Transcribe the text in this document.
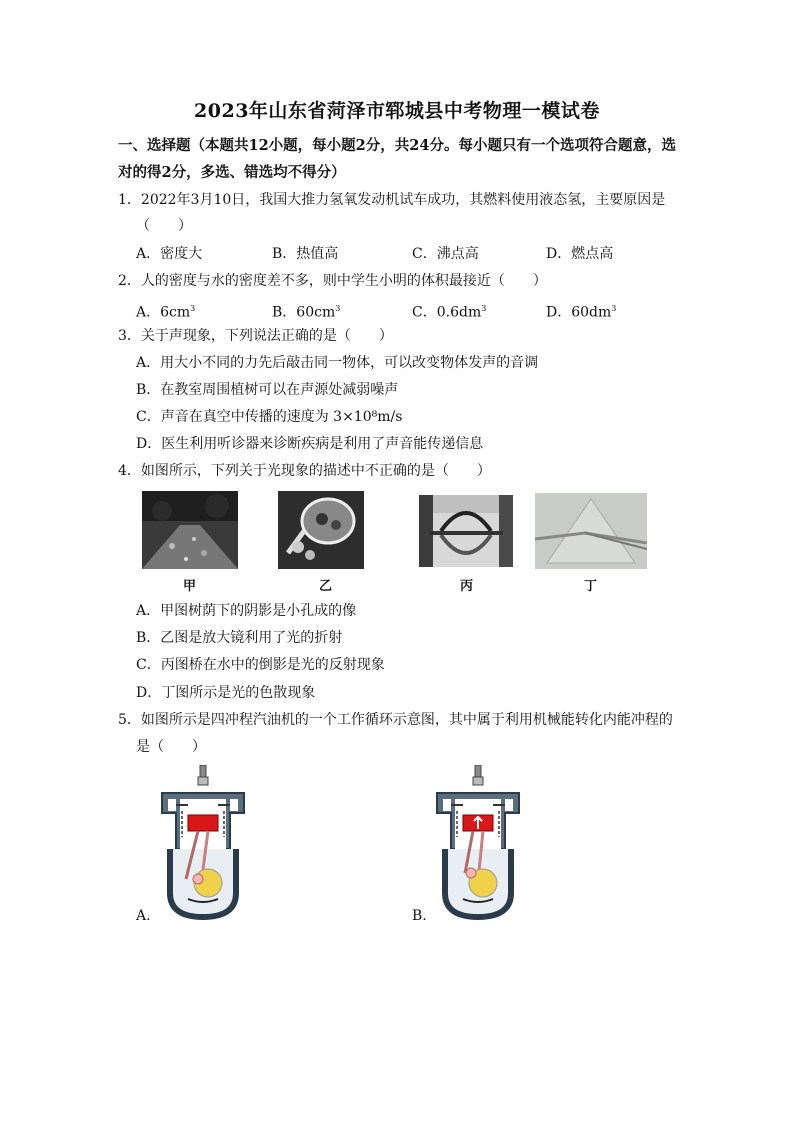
2023年山东省菏泽市郓城县中考物理一模试卷
一、选择题（本题共12小题，每小题2分，共24分。每小题只有一个选项符合题意，选
对的得2分，多选、错选均不得分）
1．2022年3月10日，我国大推力氢氧发动机试车成功，其燃料使用液态氢，主要原因是
（　　）
A．密度大	B．热值高	C．沸点高	D．燃点高
2．人的密度与水的密度差不多，则中学生小明的体积最接近（　　）
A．$6cm^3$	B．$60cm^3$	C．$0.6dm^3$	D．$60dm^3$
3．关于声现象，下列说法正确的是（　　）
A．用大小不同的力先后敲击同一物体，可以改变物体发声的音调
B．在教室周围植树可以在声源处减弱噪声
C．声音在真空中传播的速度为 3×10⁸m/s
D．医生利用听诊器来诊断疾病是利用了声音能传递信息
4．如图所示，下列关于光现象的描述中不正确的是（　　）
甲	乙	丙	丁
A．甲图树荫下的阴影是小孔成的像
B．乙图是放大镜利用了光的折射
C．丙图桥在水中的倒影是光的反射现象
D．丁图所示是光的色散现象
5．如图所示是四冲程汽油机的一个工作循环示意图，其中属于利用机械能转化内能冲程的
是（　　）
A.	B.
